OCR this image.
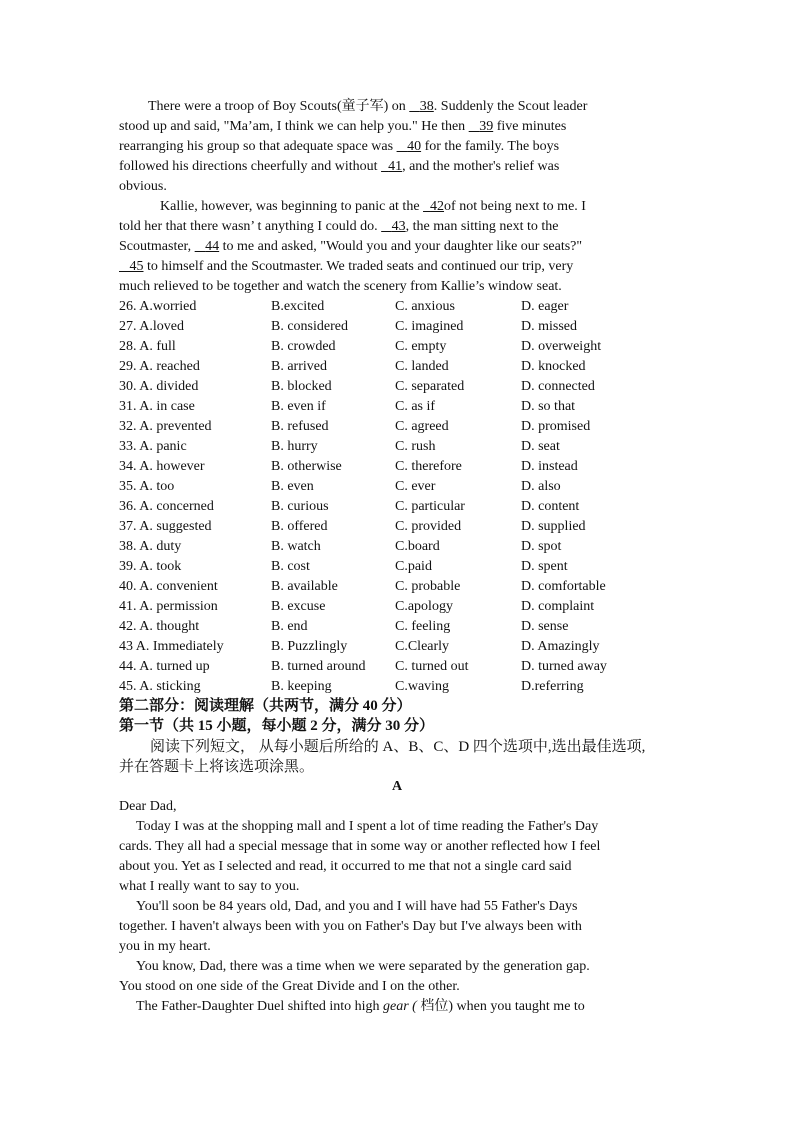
There were a troop of Boy Scouts(童子军) on    38. Suddenly the Scout leader
stood up and said, "Ma’am, I think we can help you." He then    39 five minutes
rearranging his group so that adequate space was    40 for the family. The boys
followed his directions cheerfully and without   41, and the mother's relief was
obvious.
Kallie, however, was beginning to panic at the   42of not being next to me. I
told her that there wasn’ t anything I could do.    43, the man sitting next to the
Scoutmaster,    44 to me and asked, "Would you and your daughter like our seats?"
45 to himself and the Scoutmaster. We traded seats and continued our trip, very
much relieved to be together and watch the scenery from Kallie’s window seat.
26. A.worried	B.excited	C. anxious	D. eager
27. A.loved	B. considered	C. imagined	D. missed
28. A. full	B. crowded	C. empty	D. overweight
29. A. reached	B. arrived	C. landed	D. knocked
30. A. divided	B. blocked	C. separated	D. connected
31. A. in case	B. even if	C. as if	D. so that
32. A. prevented	B. refused	C. agreed	D. promised
33. A. panic	B. hurry	C. rush	D. seat
34. A. however	B. otherwise	C. therefore	D. instead
35. A. too	B. even	C. ever	D. also
36. A. concerned	B. curious	C. particular	D. content
37. A. suggested	B. offered	C. provided	D. supplied
38. A. duty	B. watch	C.board	D. spot
39. A. took	B. cost	C.paid	D. spent
40. A. convenient	B. available	C. probable	D. comfortable
41. A. permission	B. excuse	C.apology	D. complaint
42. A. thought	B. end	C. feeling	D. sense
43 A. Immediately	B. Puzzlingly	C.Clearly	D. Amazingly
44. A. turned up	B. turned around C. turned out	D. turned away
45. A. sticking	B. keeping	C.waving	D.referring
第二部分：阅读理解（共两节，满分 40 分）
第一节（共 15 小题，每小题 2 分，满分 30 分）
阅读下列短文， 从每小题后所给的 A、B、C、D 四个选项中,选出最佳选项,
并在答题卡上将该选项涂黑。
A
Dear Dad,
Today I was at the shopping mall and I spent a lot of time reading the Father's Day
cards. They all had a special message that in some way or another reflected how I feel
about you. Yet as I selected and read, it occurred to me that not a single card said
what I really want to say to you.
You'll soon be 84 years old, Dad, and you and I will have had 55 Father's Days
together. I haven't always been with you on Father's Day but I've always been with
you in my heart.
You know, Dad, there was a time when we were separated by the generation gap.
You stood on one side of the Great Divide and I on the other.
The Father-Daughter Duel shifted into high gear ( 档位) when you taught me to
